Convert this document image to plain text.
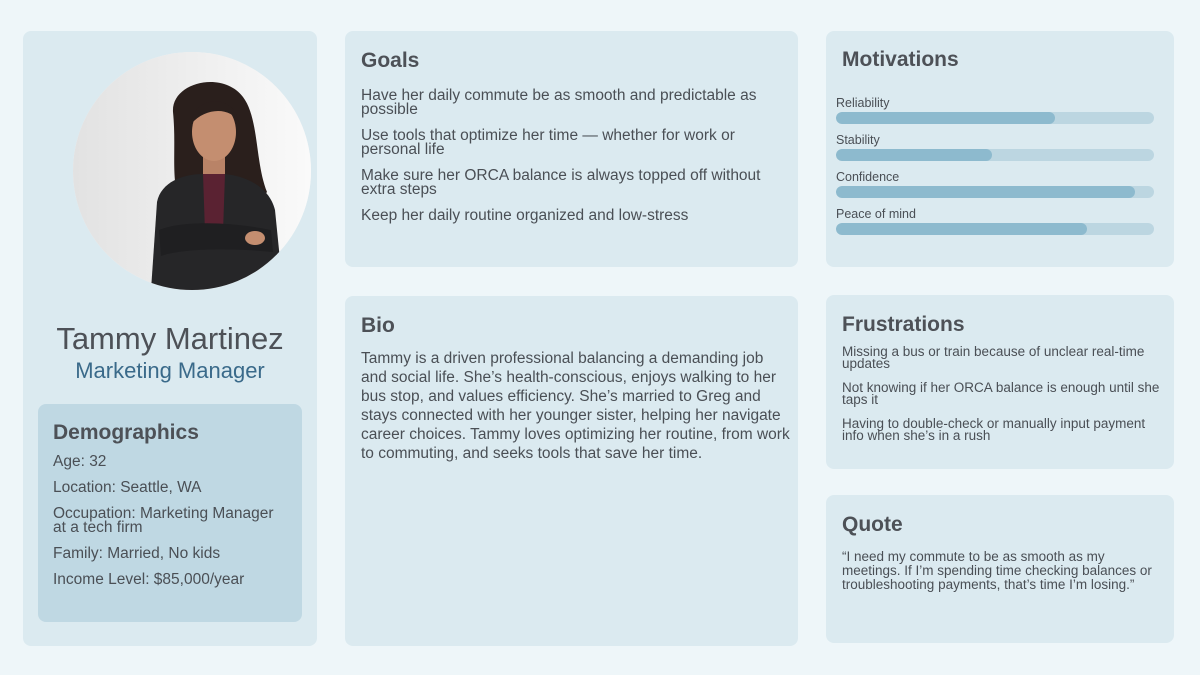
Tammy Martinez
Marketing Manager
Demographics
Age: 32
Location: Seattle, WA
Occupation: Marketing Manager at a tech firm
Family: Married, No kids
Income Level: $85,000/year
Goals
Have her daily commute be as smooth and predictable as possible
Use tools that optimize her time — whether for work or personal life
Make sure her ORCA balance is always topped off without extra steps
Keep her daily routine organized and low-stress
Bio

Tammy is a driven professional balancing a demanding job and social life. She’s health-conscious, enjoys walking to her bus stop, and values efficiency. She’s married to Greg and stays connected with her younger sister, helping her navigate career choices. Tammy loves optimizing her routine, from work to commuting, and seeks tools that save her time.

Motivations
Reliability
Stability
Confidence
Peace of mind
Frustrations
Missing a bus or train because of unclear real-time updates
Not knowing if her ORCA balance is enough until she taps it
Having to double-check or manually input payment info when she’s in a rush
Quote

“I need my commute to be as smooth as my meetings. If I’m spending time checking balances or troubleshooting payments, that’s time I’m losing.”
